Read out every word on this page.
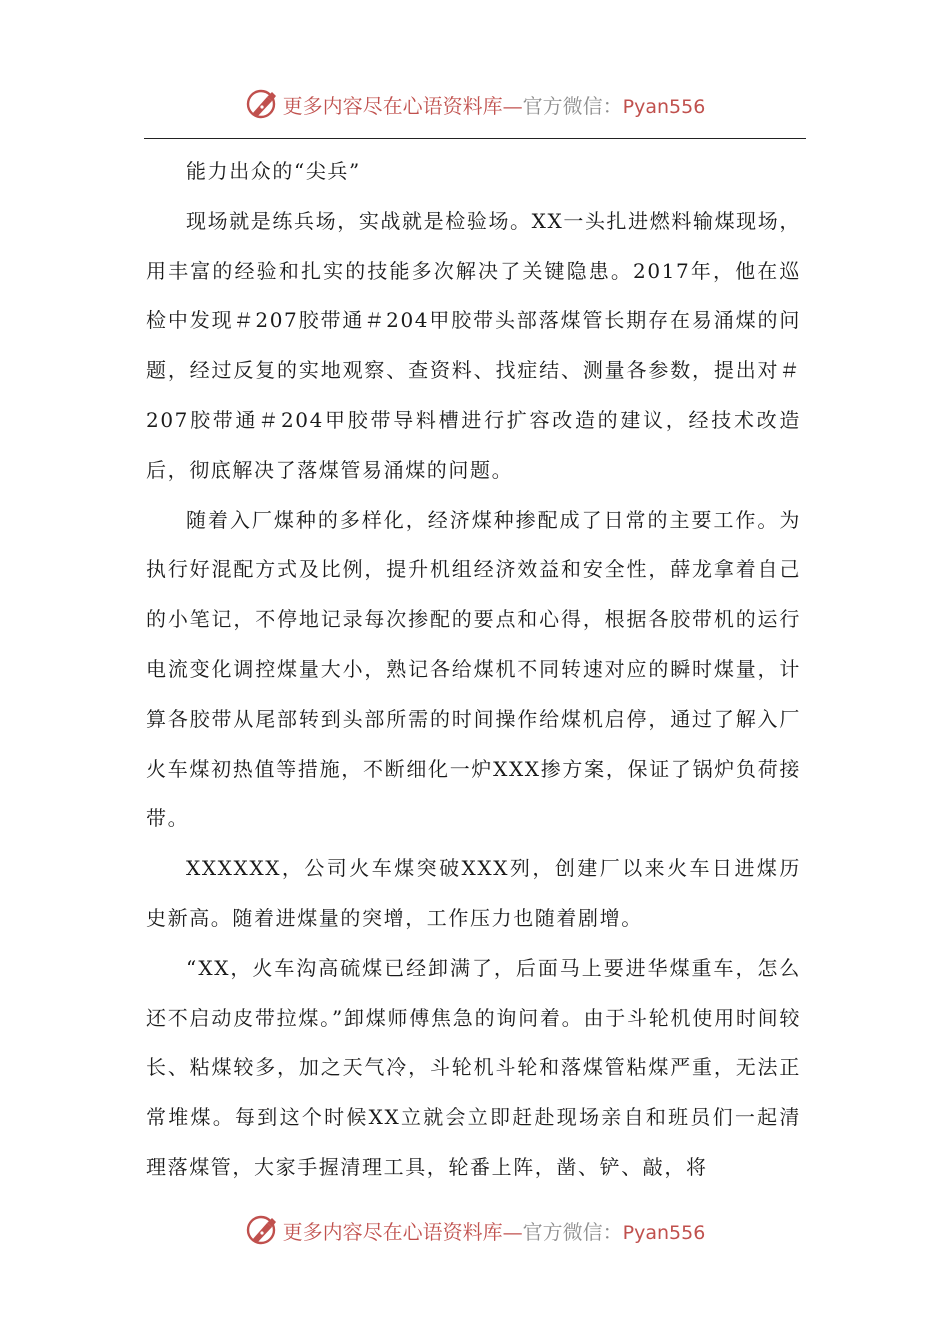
更多内容尽在心语资料库—官方微信：Pyan556

能力出众的“尖兵”

现场就是练兵场，实战就是检验场。XX一头扎进燃料输煤现场，用丰富的经验和扎实的技能多次解决了关键隐患。2017年，他在巡检中发现＃207胶带通＃204甲胶带头部落煤管长期存在易涌煤的问题，经过反复的实地观察、查资料、找症结、测量各参数，提出对＃207胶带通＃204甲胶带导料槽进行扩容改造的建议，经技术改造后，彻底解决了落煤管易涌煤的问题。

随着入厂煤种的多样化，经济煤种掺配成了日常的主要工作。为执行好混配方式及比例，提升机组经济效益和安全性，薛龙拿着自己的小笔记，不停地记录每次掺配的要点和心得，根据各胶带机的运行电流变化调控煤量大小，熟记各给煤机不同转速对应的瞬时煤量，计算各胶带从尾部转到头部所需的时间操作给煤机启停，通过了解入厂火车煤初热值等措施，不断细化一炉XXX掺方案，保证了锅炉负荷接带。

XXXXXX，公司火车煤突破XXX列，创建厂以来火车日进煤历史新高。随着进煤量的突增，工作压力也随着剧增。

“XX，火车沟高硫煤已经卸满了，后面马上要进华煤重车，怎么还不启动皮带拉煤。”卸煤师傅焦急的询问着。由于斗轮机使用时间较长、粘煤较多，加之天气冷，斗轮机斗轮和落煤管粘煤严重，无法正常堆煤。每到这个时候XX立就会立即赶赴现场亲自和班员们一起清理落煤管，大家手握清理工具，轮番上阵，凿、铲、敲，将

更多内容尽在心语资料库—官方微信：Pyan556
